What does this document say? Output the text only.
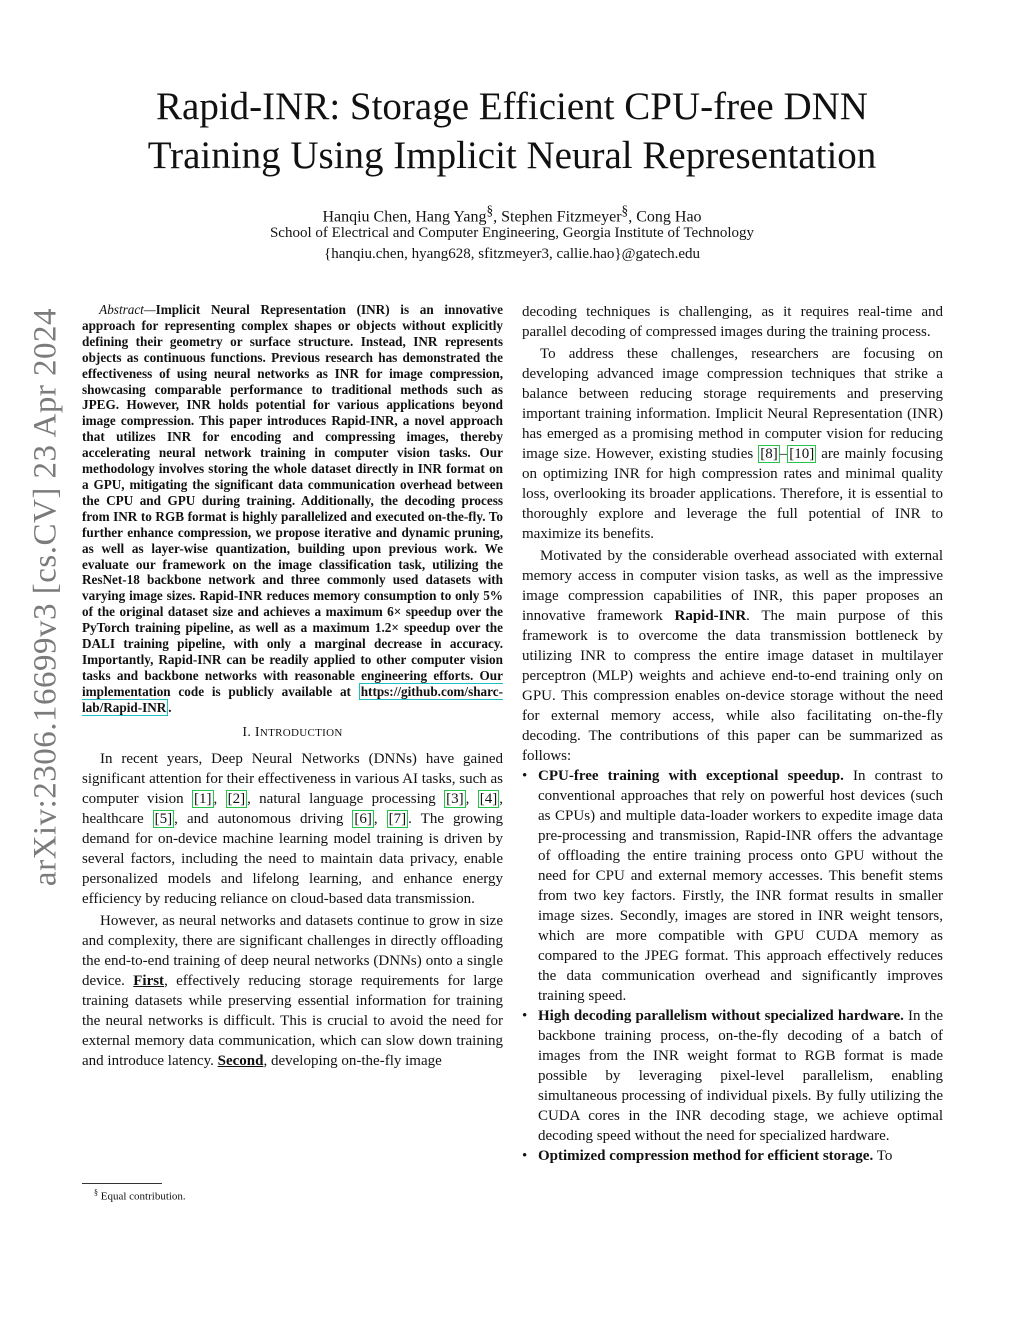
arXiv:2306.16699v3 [cs.CV] 23 Apr 2024
Rapid-INR: Storage Efficient CPU-free DNN
Training Using Implicit Neural Representation
Hanqiu Chen, Hang Yang§, Stephen Fitzmeyer§, Cong Hao
School of Electrical and Computer Engineering, Georgia Institute of Technology
{hanqiu.chen, hyang628, sfitzmeyer3, callie.hao}@gatech.edu

Abstract—Implicit Neural Representation (INR) is an innovative approach for representing complex shapes or objects without explicitly defining their geometry or surface structure. Instead, INR represents objects as continuous functions. Previous research has demonstrated the effectiveness of using neural networks as INR for image compression, showcasing comparable performance to traditional methods such as JPEG. However, INR holds potential for various applications beyond image compression. This paper introduces Rapid-INR, a novel approach that utilizes INR for encoding and compressing images, thereby accelerating neural network training in computer vision tasks. Our methodology involves storing the whole dataset directly in INR format on a GPU, mitigating the significant data communication overhead between the CPU and GPU during training. Additionally, the decoding process from INR to RGB format is highly parallelized and executed on-the-fly. To further enhance compression, we propose iterative and dynamic pruning, as well as layer-wise quantization, building upon previous work. We evaluate our framework on the image classification task, utilizing the ResNet-18 backbone network and three commonly used datasets with varying image sizes. Rapid-INR reduces memory consumption to only 5% of the original dataset size and achieves a maximum 6× speedup over the PyTorch training pipeline, as well as a maximum 1.2× speedup over the DALI training pipeline, with only a marginal decrease in accuracy. Importantly, Rapid-INR can be readily applied to other computer vision tasks and backbone networks with reasonable engineering efforts. Our implementation code is publicly available at https://github.com/sharc-lab/Rapid-INR .

I. INTRODUCTION

In recent years, Deep Neural Networks (DNNs) have gained significant attention for their effectiveness in various AI tasks, such as computer vision [1] , [2] , natural language processing [3] , [4] , healthcare [5] , and autonomous driving [6] , [7] . The growing demand for on-device machine learning model training is driven by several factors, including the need to maintain data privacy, enable personalized models and lifelong learning, and enhance energy efficiency by reducing reliance on cloud-based data transmission.

However, as neural networks and datasets continue to grow in size and complexity, there are significant challenges in directly offloading the end-to-end training of deep neural networks (DNNs) onto a single device. First, effectively reducing storage requirements for large training datasets while preserving essential information for training the neural networks is difficult. This is crucial to avoid the need for external memory data communication, which can slow down training and introduce latency. Second, developing on-the-fly image

§ Equal contribution.

decoding techniques is challenging, as it requires real-time and parallel decoding of compressed images during the training process.

To address these challenges, researchers are focusing on developing advanced image compression techniques that strike a balance between reducing storage requirements and preserving important training information. Implicit Neural Representation (INR) has emerged as a promising method in computer vision for reducing image size. However, existing studies [8] – [10] are mainly focusing on optimizing INR for high compression rates and minimal quality loss, overlooking its broader applications. Therefore, it is essential to thoroughly explore and leverage the full potential of INR to maximize its benefits.

Motivated by the considerable overhead associated with external memory access in computer vision tasks, as well as the impressive image compression capabilities of INR, this paper proposes an innovative framework Rapid-INR. The main purpose of this framework is to overcome the data transmission bottleneck by utilizing INR to compress the entire image dataset in multilayer perceptron (MLP) weights and achieve end-to-end training only on GPU. This compression enables on-device storage without the need for external memory access, while also facilitating on-the-fly decoding. The contributions of this paper can be summarized as follows:

• CPU-free training with exceptional speedup. In contrast to conventional approaches that rely on powerful host devices (such as CPUs) and multiple data-loader workers to expedite image data pre-processing and transmission, Rapid-INR offers the advantage of offloading the entire training process onto GPU without the need for CPU and external memory accesses. This benefit stems from two key factors. Firstly, the INR format results in smaller image sizes. Secondly, images are stored in INR weight tensors, which are more compatible with GPU CUDA memory as compared to the JPEG format. This approach effectively reduces the data communication overhead and significantly improves training speed.
• High decoding parallelism without specialized hardware. In the backbone training process, on-the-fly decoding of a batch of images from the INR weight format to RGB format is made possible by leveraging pixel-level parallelism, enabling simultaneous processing of individual pixels. By fully utilizing the CUDA cores in the INR decoding stage, we achieve optimal decoding speed without the need for specialized hardware.
• Optimized compression method for efficient storage. To
